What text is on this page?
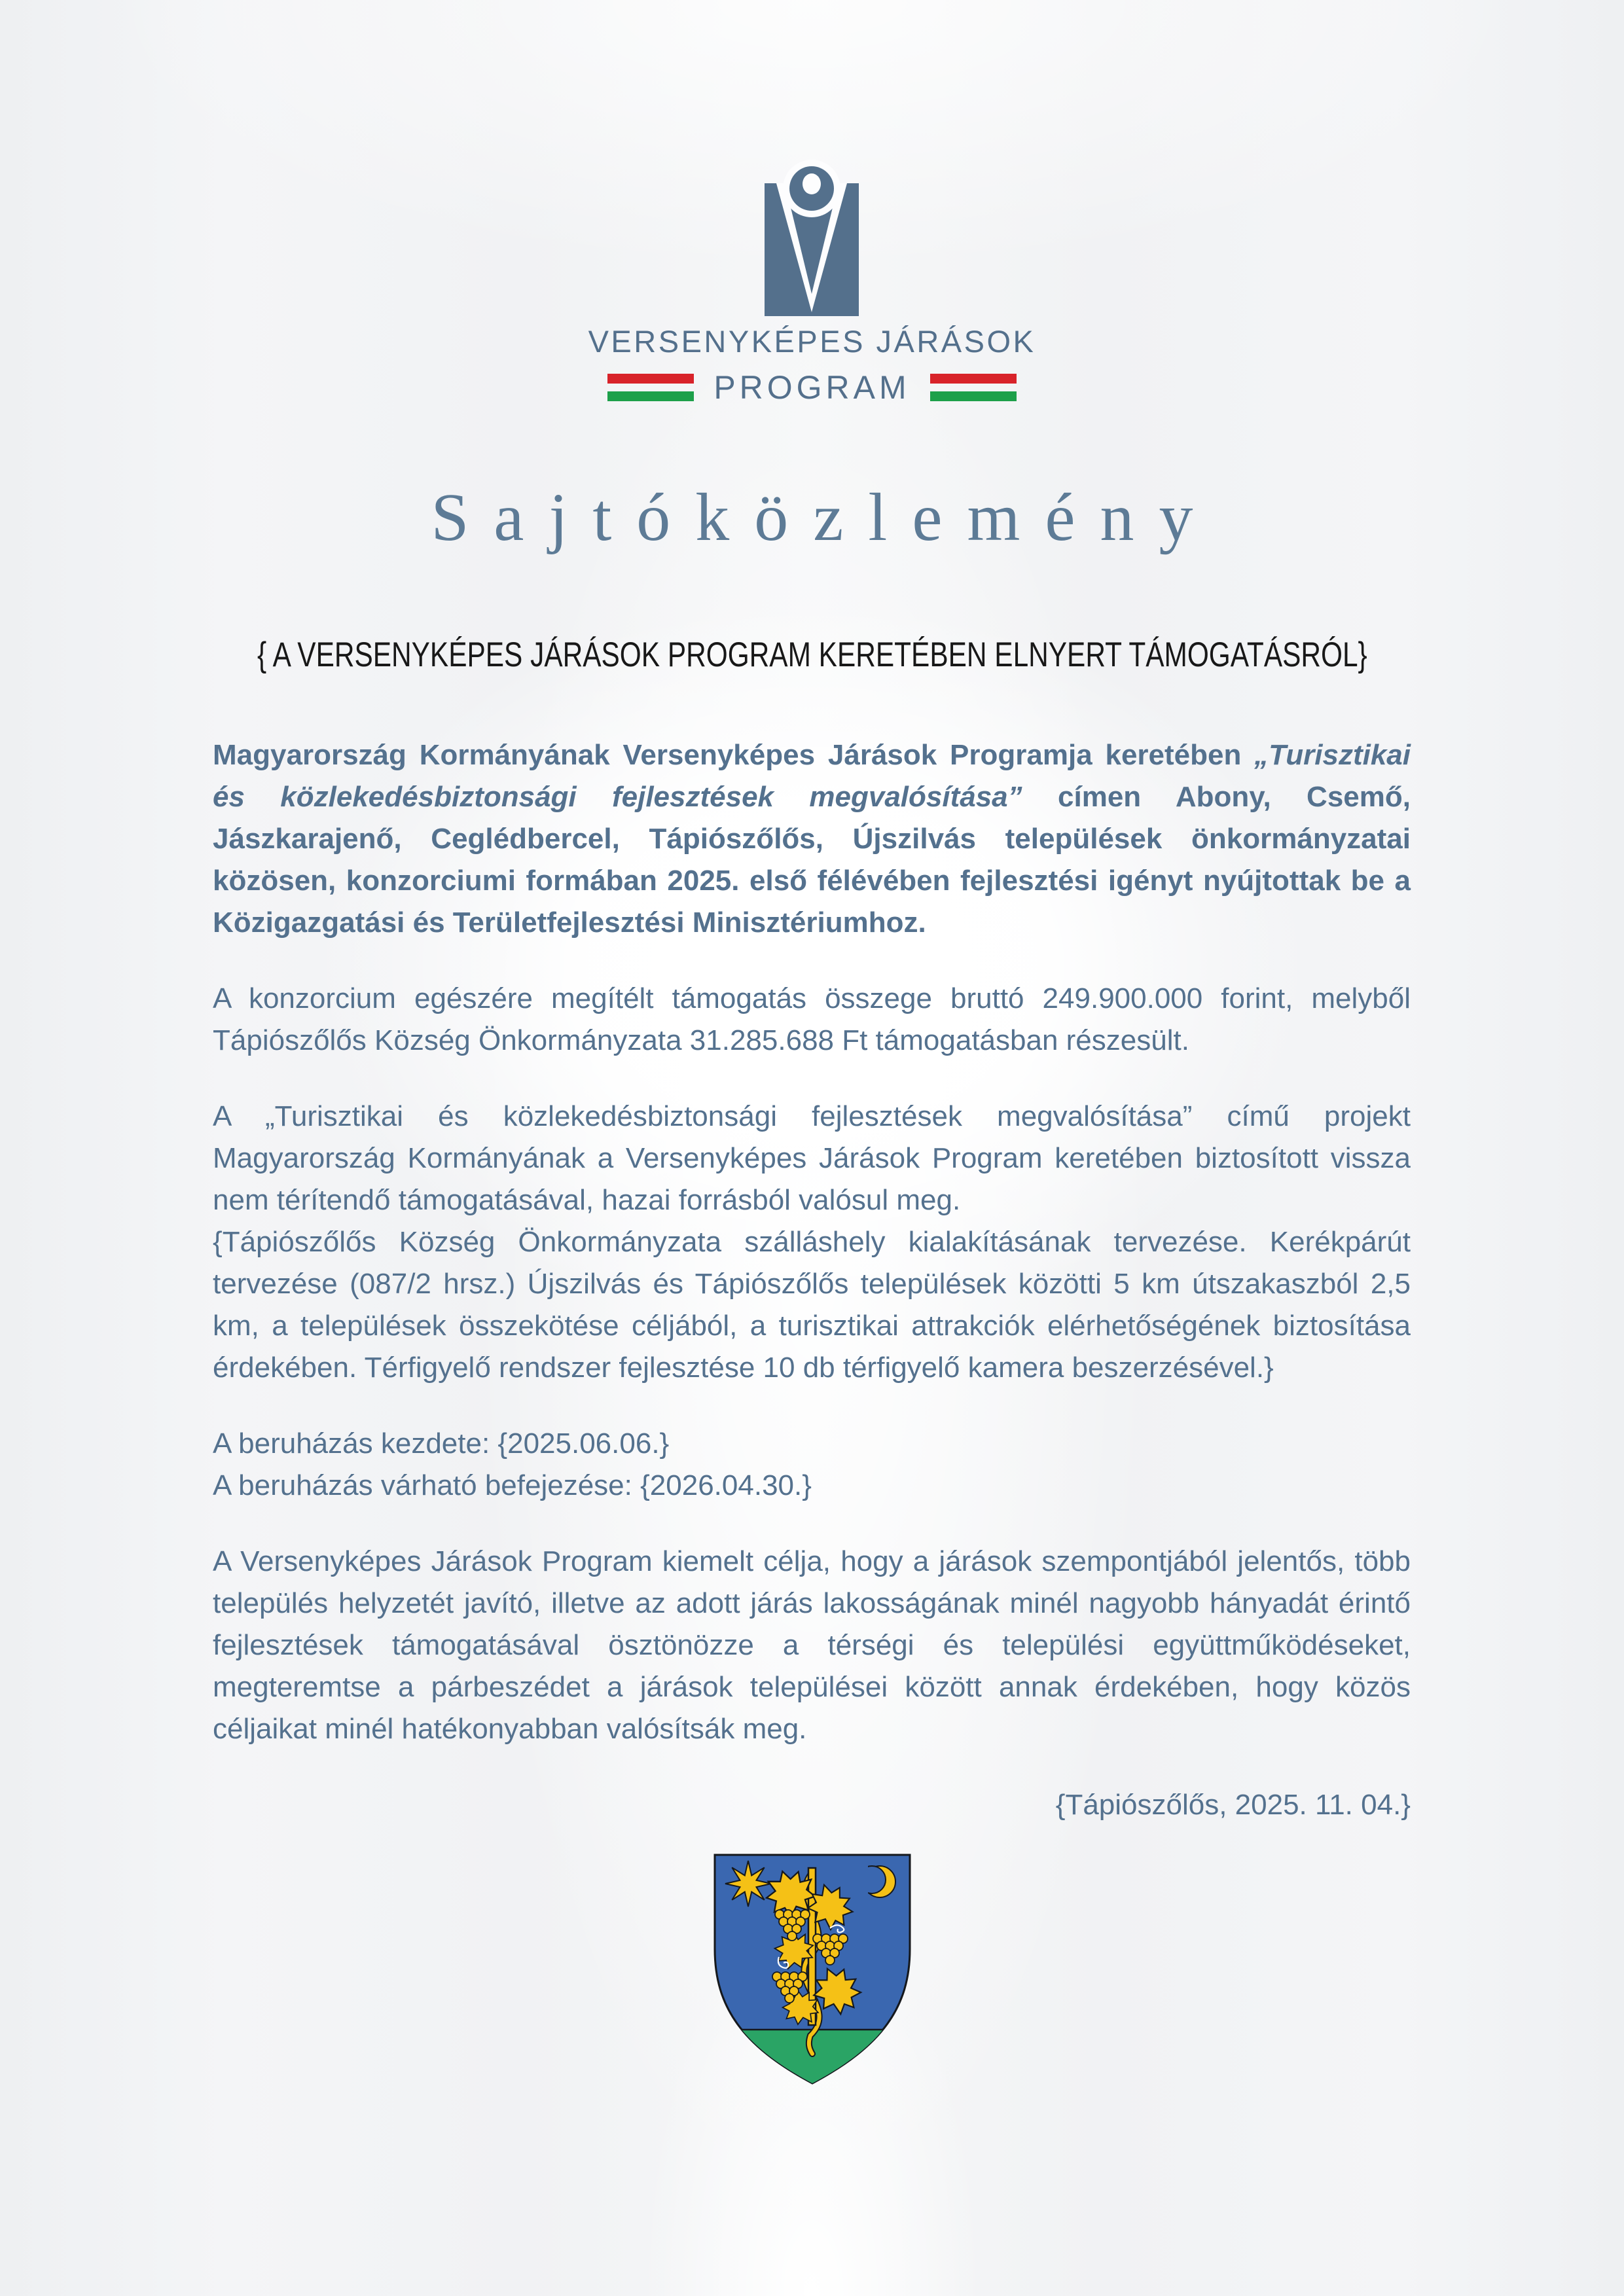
VERSENYKÉPES JÁRÁSOK
PROGRAM
Sajtóközlemény
{ A VERSENYKÉPES JÁRÁSOK PROGRAM KERETÉBEN ELNYERT TÁMOGATÁSRÓL}

Magyarország Kormányának Versenyképes Járások Programja keretében „Turisztikai és közlekedésbiztonsági fejlesztések megvalósítása” címen Abony, Csemő, Jászkarajenő, Ceglédbercel, Tápiószőlős, Újszilvás települések önkormányzatai közösen, konzorciumi formában 2025. első félévében fejlesztési igényt nyújtottak be a Közigazgatási és Területfejlesztési Minisztériumhoz.

A konzorcium egészére megítélt támogatás összege bruttó 249.900.000 forint, melyből Tápiószőlős Község Önkormányzata 31.285.688 Ft támogatásban részesült.

A „Turisztikai és közlekedésbiztonsági fejlesztések megvalósítása” című projekt Magyarország Kormányának a Versenyképes Járások Program keretében biztosított vissza nem térítendő támogatásával, hazai forrásból valósul meg.

{Tápiószőlős Község Önkormányzata szálláshely kialakításának tervezése. Kerékpárút tervezése (087/2 hrsz.) Újszilvás és Tápiószőlős települések közötti 5 km útszakaszból 2,5 km, a települések összekötése céljából, a turisztikai attrakciók elérhetőségének biztosítása érdekében. Térfigyelő rendszer fejlesztése 10 db térfigyelő kamera beszerzésével.}

A beruházás kezdete: {2025.06.06.}

A beruházás várható befejezése: {2026.04.30.}

A Versenyképes Járások Program kiemelt célja, hogy a járások szempontjából jelentős, több település helyzetét javító, illetve az adott járás lakosságának minél nagyobb hányadát érintő fejlesztések támogatásával ösztönözze a térségi és települési együttműködéseket, megteremtse a párbeszédet a járások települései között annak érdekében, hogy közös céljaikat minél hatékonyabban valósítsák meg.

{Tápiószőlős, 2025. 11. 04.}
